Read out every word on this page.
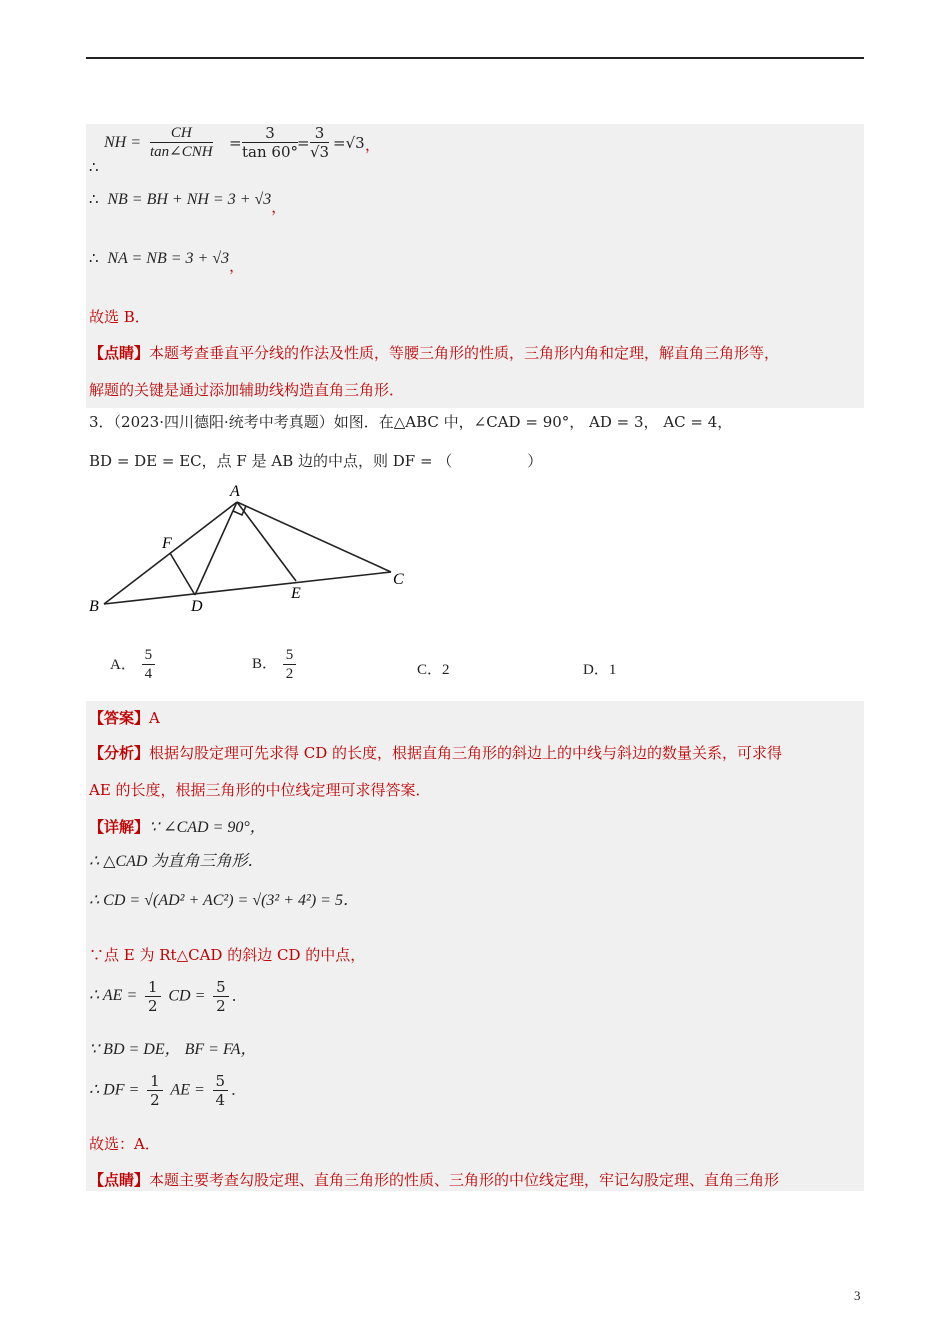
∴
NH =
CH
tan∠CNH = $\frac{3}{\tan 60^\circ} = \frac{3}{√3} =√3$ ，
∴ NB = BH + NH = 3 + √3，
∴ NA = NB = 3 + √3，
故选 B．
【点睛】本题考查垂直平分线的作法及性质，等腰三角形的性质，三角形内角和定理，解直角三角形等，
解题的关键是通过添加辅助线构造直角三角形．
3．（2023·四川德阳·统考中考真题）如图．在△ABC 中，∠CAD = 90°， AD = 3， AC = 4，
BD = DE = EC，点 F 是 AB 边的中点，则 DF = （　　　　　）
A
B
C
D
E
F
A． $\frac{5}{4}$	B． $\frac{5}{2}$	C．2	D．1
【答案】A
【分析】根据勾股定理可先求得 CD 的长度，根据直角三角形的斜边上的中线与斜边的数量关系，可求得
AE 的长度，根据三角形的中位线定理可求得答案．
【详解】∵ ∠CAD = 90°，
∴ △CAD 为直角三角形．
∴ CD = √(AD² + AC²) = √(3² + 4²) = 5．
∵点 E 为 Rt△CAD 的斜边 CD 的中点，
∴ AE = $\frac{1}{2}$ CD = $\frac{5}{2}$ ．
∵ BD = DE， BF = FA，
∴ DF = $\frac{1}{2}$ AE = $\frac{5}{4}$ ．
故选：A．
【点睛】本题主要考查勾股定理、直角三角形的性质、三角形的中位线定理，牢记勾股定理、直角三角形
3
